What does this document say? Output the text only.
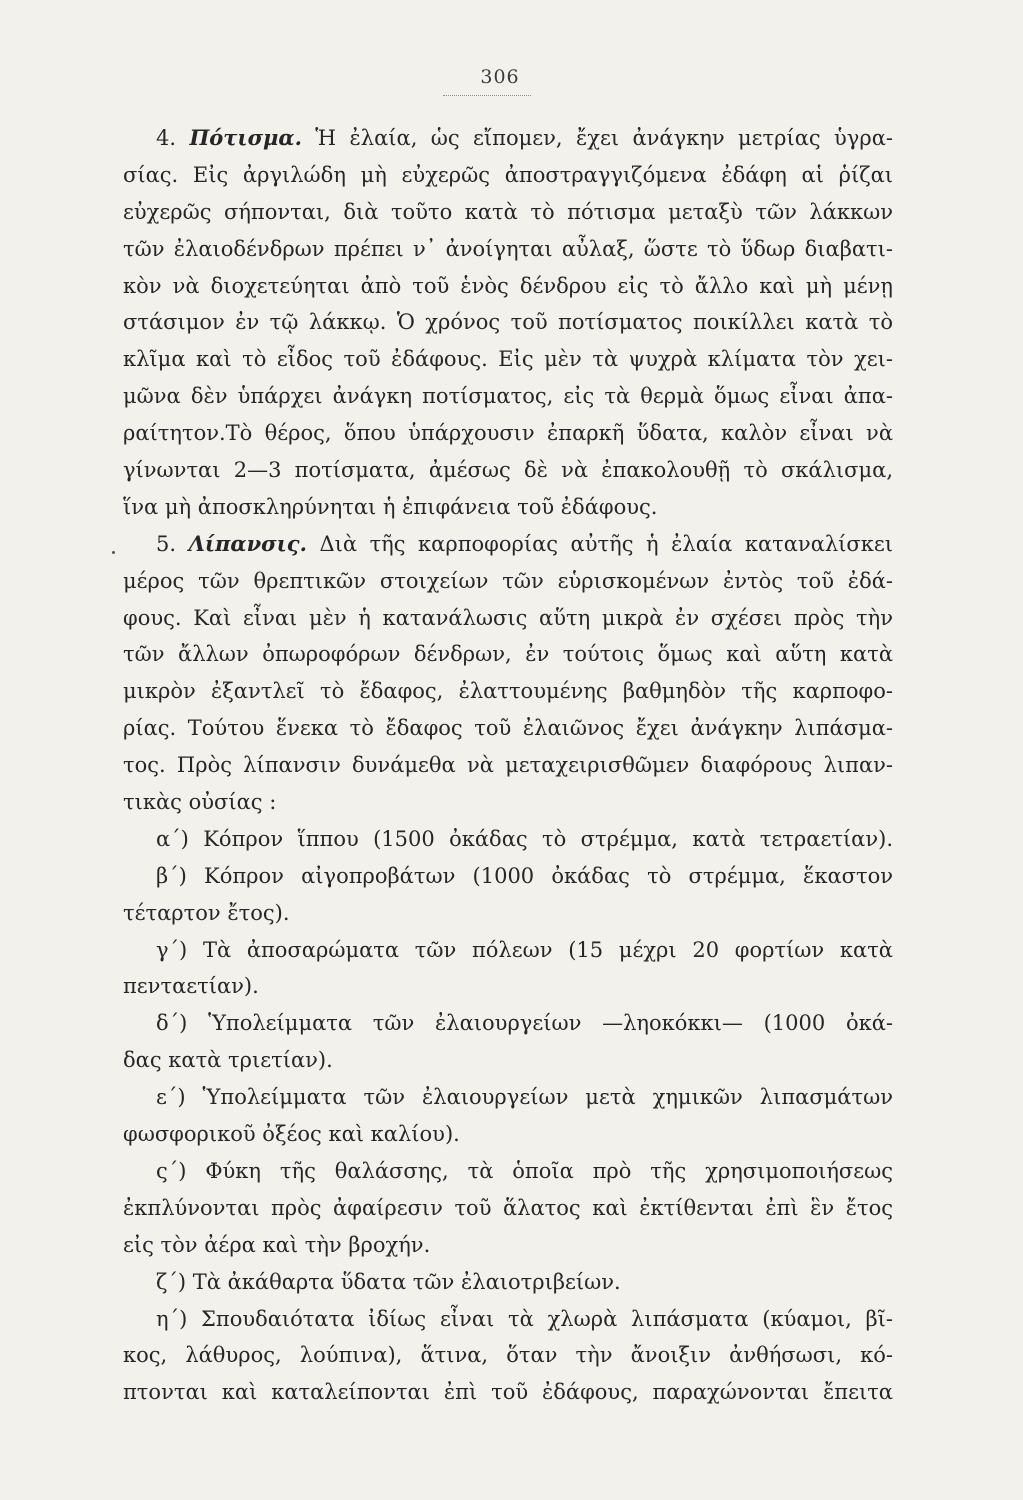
306
4. Πότισμα. Ἡ ἐλαία, ὡς εἴπομεν, ἔχει ἀνάγκην μετρίας ὑγρα-
σίας. Εἰς ἀργιλώδη μὴ εὐχερῶς ἀποστραγγιζόμενα ἐδάφη αἱ ῥίζαι
εὐχερῶς σήπονται, διὰ τοῦτο κατὰ τὸ πότισμα μεταξὺ τῶν λάκκων
τῶν ἐλαιοδένδρων πρέπει ν᾽ ἀνοίγηται αὖλαξ, ὥστε τὸ ὕδωρ διαβατι-
κὸν νὰ διοχετεύηται ἀπὸ τοῦ ἑνὸς δένδρου εἰς τὸ ἄλλο καὶ μὴ μένῃ
στάσιμον ἐν τῷ λάκκῳ. Ὁ χρόνος τοῦ ποτίσματος ποικίλλει κατὰ τὸ
κλῖμα καὶ τὸ εἶδος τοῦ ἐδάφους. Εἰς μὲν τὰ ψυχρὰ κλίματα τὸν χει-
μῶνα δὲν ὑπάρχει ἀνάγκη ποτίσματος, εἰς τὰ θερμὰ ὅμως εἶναι ἀπα-
ραίτητον.Τὸ θέρος, ὅπου ὑπάρχουσιν ἐπαρκῆ ὕδατα, καλὸν εἶναι νὰ
γίνωνται 2—3 ποτίσματα, ἀμέσως δὲ νὰ ἐπακολουθῇ τὸ σκάλισμα,
ἵνα μὴ ἀποσκληρύνηται ἡ ἐπιφάνεια τοῦ ἐδάφους.
5. Λίπανσις. Διὰ τῆς καρποφορίας αὐτῆς ἡ ἐλαία καταναλίσκει
μέρος τῶν θρεπτικῶν στοιχείων τῶν εὑρισκομένων ἐντὸς τοῦ ἐδά-
φους. Καὶ εἶναι μὲν ἡ κατανάλωσις αὕτη μικρὰ ἐν σχέσει πρὸς τὴν
τῶν ἄλλων ὀπωροφόρων δένδρων, ἐν τούτοις ὅμως καὶ αὕτη κατὰ
μικρὸν ἐξαντλεῖ τὸ ἔδαφος, ἐλαττουμένης βαθμηδὸν τῆς καρποφο-
ρίας. Τούτου ἕνεκα τὸ ἔδαφος τοῦ ἐλαιῶνος ἔχει ἀνάγκην λιπάσμα-
τος. Πρὸς λίπανσιν δυνάμεθα νὰ μεταχειρισθῶμεν διαφόρους λιπαν-
τικὰς οὐσίας :
α΄) Κόπρον ἵππου (1500 ὀκάδας τὸ στρέμμα, κατὰ τετραετίαν).
β΄) Κόπρον αἰγοπροβάτων (1000 ὀκάδας τὸ στρέμμα, ἕκαστον
τέταρτον ἔτος).
γ΄) Τὰ ἀποσαρώματα τῶν πόλεων (15 μέχρι 20 φορτίων κατὰ
πενταετίαν).
δ΄) Ὑπολείμματα τῶν ἐλαιουργείων —ληοκόκκι— (1000 ὀκά-
δας κατὰ τριετίαν).
ε΄) Ὑπολείμματα τῶν ἐλαιουργείων μετὰ χημικῶν λιπασμάτων
φωσφορικοῦ ὀξέος καὶ καλίου).
ς΄) Φύκη τῆς θαλάσσης, τὰ ὁποῖα πρὸ τῆς χρησιμοποιήσεως
ἐκπλύνονται πρὸς ἀφαίρεσιν τοῦ ἅλατος καὶ ἐκτίθενται ἐπὶ ἓν ἔτος
εἰς τὸν ἀέρα καὶ τὴν βροχήν.
ζ΄) Τὰ ἀκάθαρτα ὕδατα τῶν ἐλαιοτριβείων.
η΄) Σπουδαιότατα ἰδίως εἶναι τὰ χλωρὰ λιπάσματα (κύαμοι, βῖ-
κος, λάθυρος, λούπινα), ἅτινα, ὅταν τὴν ἄνοιξιν ἀνθήσωσι, κό-
πτονται καὶ καταλείπονται ἐπὶ τοῦ ἐδάφους, παραχώνονται ἔπειτα
